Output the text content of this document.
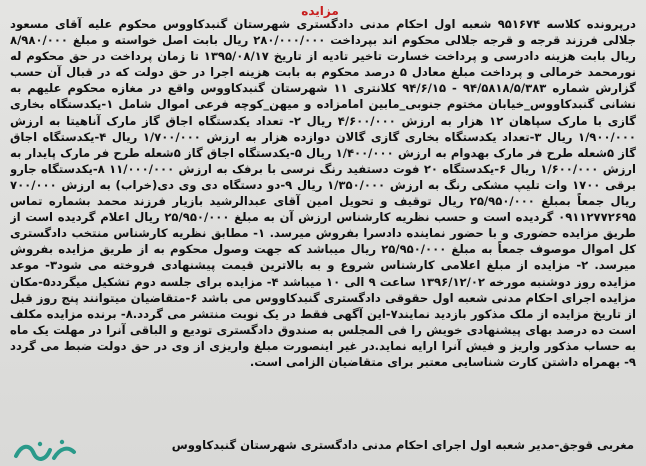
مزایده
درپرونده کلاسه ۹۵۱۶۷۴ شعبه اول احکام مدنی دادگستری شهرستان گنبدکاووس محکوم علیه آقای مسعود جلالی فرزند قرجه و قرجه جلالی محکوم اند بپرداخت ۲۸۰/۰۰۰/۰۰۰ ریال بابت اصل خواسته و مبلغ ۸/۹۸۰/۰۰۰ ریال بابت هزینه دادرسی و پرداخت خسارت تاخیر تادیه از تاریخ ۱۳۹۵/۰۸/۱۷ تا زمان پرداخت در حق محکوم له نورمحمد خرمالی و پرداخت مبلغ معادل ۵ درصد محکوم به بابت هزینه اجرا در حق دولت که در قبال آن حسب گزارش شماره ۹۴/۵۸۱۸/۵/۳۸۳ - ۹۴/۶/۱۵ کلانتری ۱۱ شهرستان گنبدکاووس واقع در مغازه محکوم علیهم به نشانی گنبدکاووس_خیابان مختوم جنوبی_مابین امامزاده و میهن_کوچه فرعی اموال شامل ۱-یکدستگاه بخاری گازی با مارک سپاهان ۱۲ هزار به ارزش ۴/۶۰۰/۰۰۰ ریال ۲- تعداد یکدستگاه اجاق گاز مارک آناهیتا به ارزش ۱/۹۰۰/۰۰۰ ریال ۳-تعداد یکدستگاه بخاری گازی گالان دوازده هزار به ارزش ۱/۷۰۰/۰۰۰ ریال ۴-یکدستگاه اجاق گاز ۵شعله طرح فر مارک بهدوام به ارزش ۱/۴۰۰/۰۰۰ ریال ۵-یکدستگاه اجاق گاز ۵شعله طرح فر مارک پایدار به ارزش ۱/۶۰۰/۰۰۰ ریال ۶-یکدستگاه ۲۰ فوت دستفید رنگ نرسی با برفک به ارزش ۱۱/۰۰۰/۰۰۰ ۸-یکدستگاه جارو برقی ۱۷۰۰ وات تلیپ مشکی رنگ به ارزش ۱/۳۵۰/۰۰۰ ریال ۹-دو دستگاه دی وی دی(خراب) به ارزش ۷۰۰/۰۰۰ ریال جمعاً بمبلغ ۲۵/۹۵۰/۰۰۰ ریال توقیف و تحویل امین آقای عبدالرشید بازیار فرزند محمد بشماره تماس ۰۹۱۱۲۷۷۲۶۹۵ گردیده است و حسب نظریه کارشناس ارزش آن به مبلغ ۲۵/۹۵۰/۰۰۰ ریال اعلام گردیده است از طریق مزایده حضوری و با حضور نماینده دادسرا بفروش میرسد. ۱- مطابق نظریه کارشناس منتخب دادگستری کل اموال موصوف جمعاً به مبلغ ۲۵/۹۵۰/۰۰۰ ریال میباشد که جهت وصول محکوم به از طریق مزایده بفروش میرسد. ۲- مزایده از مبلغ اعلامی کارشناس شروع و به بالاترین قیمت پیشنهادی فروخته می شود۳- موعد مزایده روز دوشنبه مورخه ۱۳۹۶/۱۲/۰۲ ساعت ۹ الی ۱۰ میباشد ۴- مزایده برای جلسه دوم تشکیل میگردد۵-مکان مزایده اجرای احکام مدنی شعبه اول حقوقی دادگستری گنبدکاووس می باشد ۶-متقاضیان میتوانند پنج روز قبل از تاریخ مزایده از ملک مذکور بازدید نمایند۷-این آگهی فقط در یک نوبت منتشر می گردد.۸- برنده مزایده مکلف است ده درصد بهای پیشنهادی خویش را فی المجلس به صندوق دادگستری تودیع و الباقی آنرا در مهلت یک ماه به حساب مذکور واریز و فیش آنرا ارایه نماید.در غیر اینصورت مبلغ واریزی از وی در حق دولت ضبط می گردد ۹- بهمراه داشتن کارت شناسایی معتبر برای متقاضیان الزامی است.
مغربی قوجق-مدیر شعبه اول اجرای احکام مدنی دادگستری شهرستان گنبدکاووس
